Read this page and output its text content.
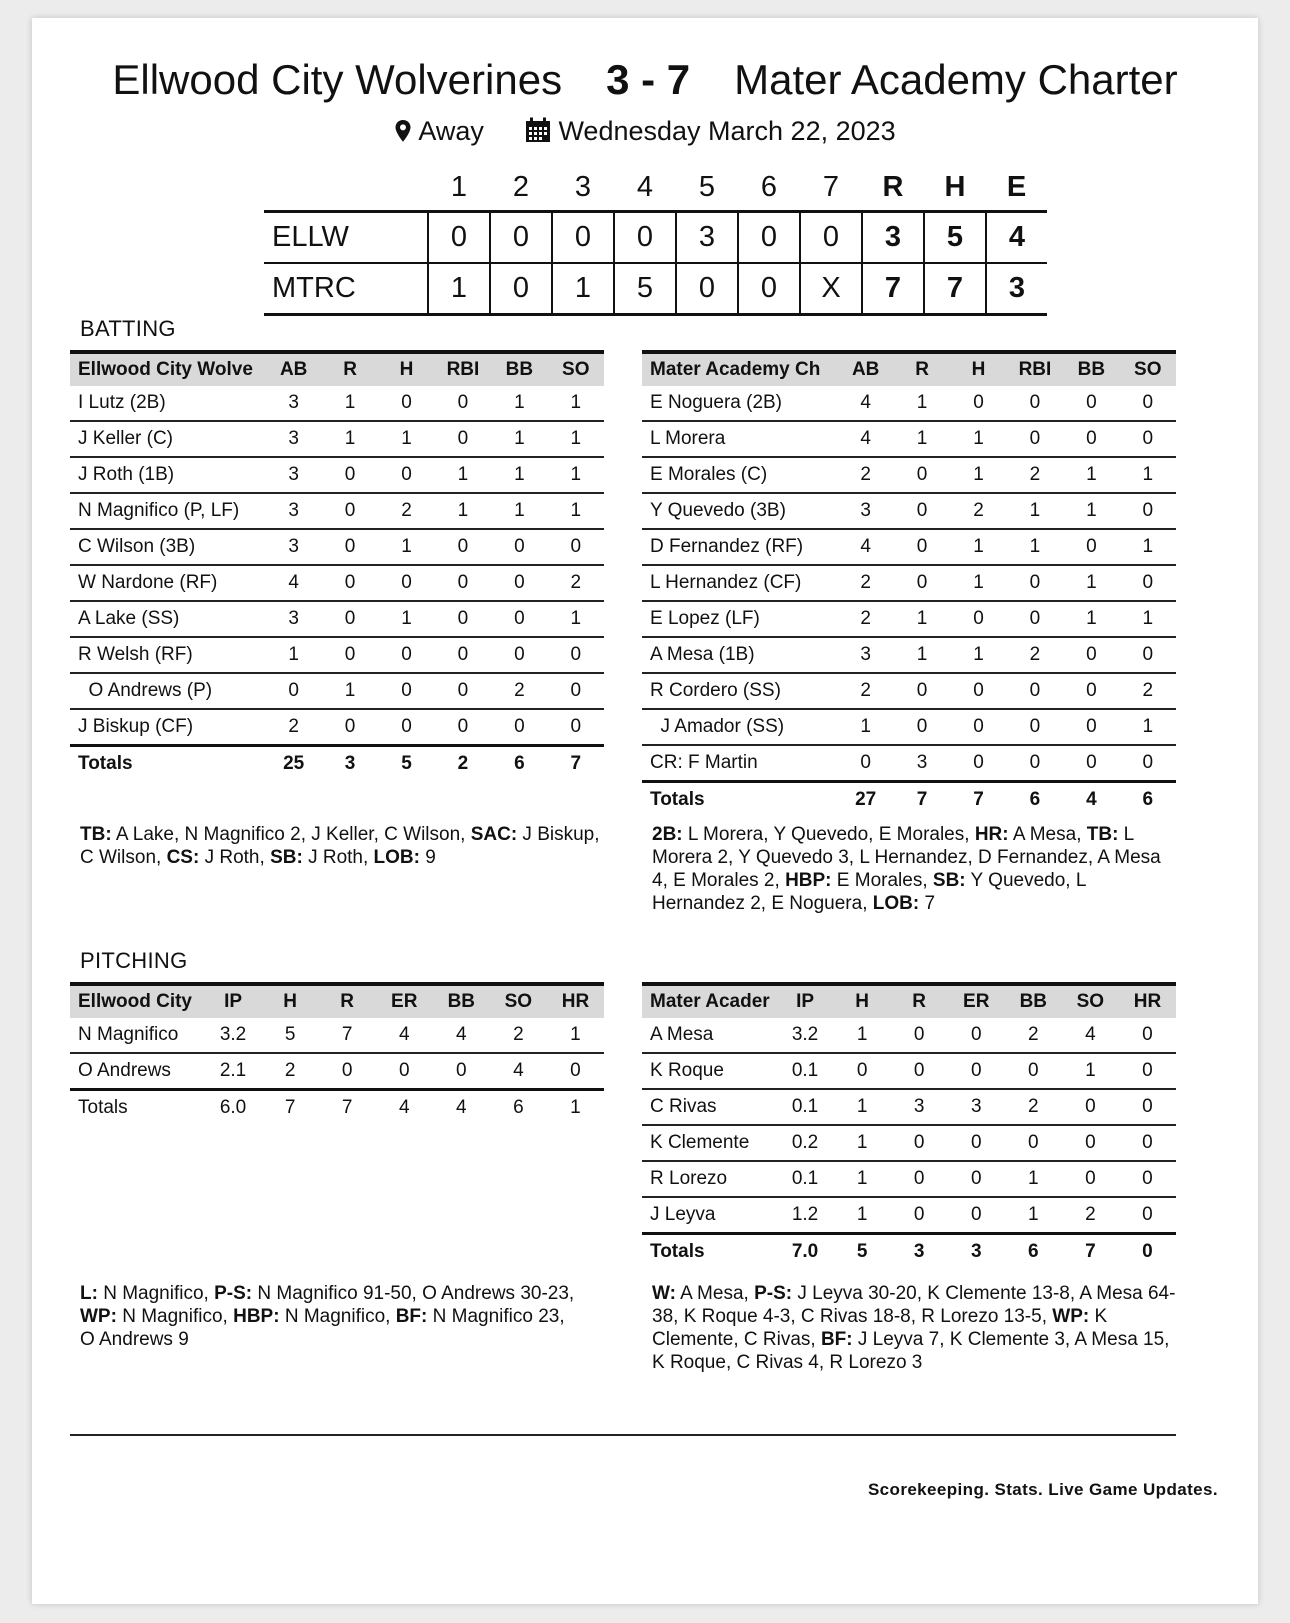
Ellwood City Wolverines 3 - 7 Mater Academy Charter
Away	Wednesday March 22, 2023
	1	2	3	4	5	6	7	R	H	E
ELLW	0	0	0	0	3	0	0	3	5	4
MTRC	1	0	1	5	0	0	X	7	7	3
BATTING
Ellwood City Wolve	AB	R	H	RBI	BB	SO
I Lutz (2B)	3	1	0	0	1	1
J Keller (C)	3	1	1	0	1	1
J Roth (1B)	3	0	0	1	1	1
N Magnifico (P, LF)	3	0	2	1	1	1
C Wilson (3B)	3	0	1	0	0	0
W Nardone (RF)	4	0	0	0	0	2
A Lake (SS)	3	0	1	0	0	1
R Welsh (RF)	1	0	0	0	0	0
O Andrews (P)	0	1	0	0	2	0
J Biskup (CF)	2	0	0	0	0	0
Totals	25	3	5	2	6	7
Mater Academy Ch	AB	R	H	RBI	BB	SO
E Noguera (2B)	4	1	0	0	0	0
L Morera	4	1	1	0	0	0
E Morales (C)	2	0	1	2	1	1
Y Quevedo (3B)	3	0	2	1	1	0
D Fernandez (RF)	4	0	1	1	0	1
L Hernandez (CF)	2	0	1	0	1	0
E Lopez (LF)	2	1	0	0	1	1
A Mesa (1B)	3	1	1	2	0	0
R Cordero (SS)	2	0	0	0	0	2
J Amador (SS)	1	0	0	0	0	1
CR: F Martin	0	3	0	0	0	0
Totals	27	7	7	6	4	6
TB: A Lake, N Magnifico 2, J Keller, C Wilson, SAC: J Biskup, C Wilson, CS: J Roth, SB: J Roth, LOB: 9
2B: L Morera, Y Quevedo, E Morales, HR: A Mesa, TB: L Morera 2, Y Quevedo 3, L Hernandez, D Fernandez, A Mesa 4, E Morales 2, HBP: E Morales, SB: Y Quevedo, L Hernandez 2, E Noguera, LOB: 7
PITCHING
Ellwood City	IP	H	R	ER	BB	SO	HR
N Magnifico	3.2	5	7	4	4	2	1
O Andrews	2.1	2	0	0	0	4	0
Totals	6.0	7	7	4	4	6	1
Mater Acader	IP	H	R	ER	BB	SO	HR
A Mesa	3.2	1	0	0	2	4	0
K Roque	0.1	0	0	0	0	1	0
C Rivas	0.1	1	3	3	2	0	0
K Clemente	0.2	1	0	0	0	0	0
R Lorezo	0.1	1	0	0	1	0	0
J Leyva	1.2	1	0	0	1	2	0
Totals	7.0	5	3	3	6	7	0
L: N Magnifico, P-S: N Magnifico 91-50, O Andrews 30-23, WP: N Magnifico, HBP: N Magnifico, BF: N Magnifico 23, O Andrews 9
W: A Mesa, P-S: J Leyva 30-20, K Clemente 13-8, A Mesa 64-38, K Roque 4-3, C Rivas 18-8, R Lorezo 13-5, WP: K Clemente, C Rivas, BF: J Leyva 7, K Clemente 3, A Mesa 15, K Roque, C Rivas 4, R Lorezo 3
Scorekeeping. Stats. Live Game Updates.
